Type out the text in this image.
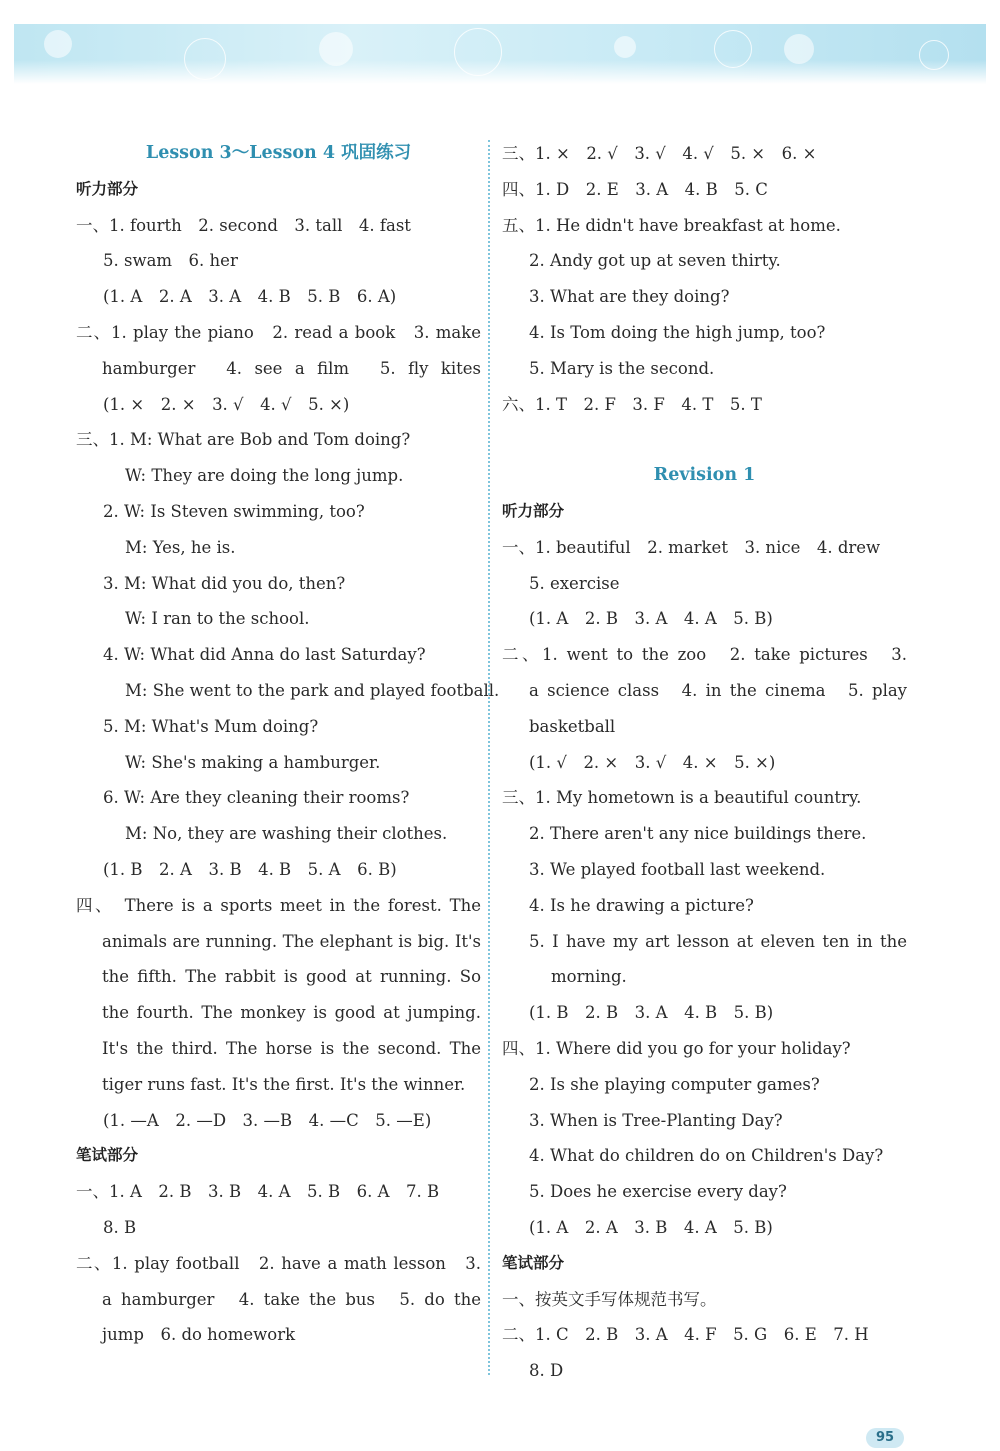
Lesson 3～Lesson 4 巩固练习
听力部分
一、1. fourth　2. second　3. tall　4. fast
5. swam　6. her
(1. A　2. A　3. A　4. B　5. B　6. A)
二、1. play the piano　2. read a book　3. make
hamburger　4. see a film　5. fly kites
(1. ×　2. ×　3. √　4. √　5. ×)
三、1. M: What are Bob and Tom doing?
W: They are doing the long jump.
2. W: Is Steven swimming, too?
M: Yes, he is.
3. M: What did you do, then?
W: I ran to the school.
4. W: What did Anna do last Saturday?
M: She went to the park and played football.
5. M: What's Mum doing?
W: She's making a hamburger.
6. W: Are they cleaning their rooms?
M: No, they are washing their clothes.
(1. B　2. A　3. B　4. B　5. A　6. B)
四、　There is a sports meet in the forest. The
animals are running. The elephant is big. It's
the fifth. The rabbit is good at running. So
the fourth. The monkey is good at jumping.
It's the third. The horse is the second. The
tiger runs fast. It's the first. It's the winner.
(1. —A　2. —D　3. —B　4. —C　5. —E)
笔试部分
一、1. A　2. B　3. B　4. A　5. B　6. A　7. B
8. B
二、1. play football　2. have a math lesson　3.
a hamburger　4. take the bus　5. do the
jump　6. do homework
三、1. ×　2. √　3. √　4. √　5. ×　6. ×
四、1. D　2. E　3. A　4. B　5. C
五、1. He didn't have breakfast at home.
2. Andy got up at seven thirty.
3. What are they doing?
4. Is Tom doing the high jump, too?
5. Mary is the second.
六、1. T　2. F　3. F　4. T　5. T
Revision 1
听力部分
一、1. beautiful　2. market　3. nice　4. drew
5. exercise
(1. A　2. B　3. A　4. A　5. B)
二、1. went to the zoo　2. take pictures　3.
a science class　4. in the cinema　5. play
basketball
(1. √　2. ×　3. √　4. ×　5. ×)
三、1. My hometown is a beautiful country.
2. There aren't any nice buildings there.
3. We played football last weekend.
4. Is he drawing a picture?
5. I have my art lesson at eleven ten in the
morning.
(1. B　2. B　3. A　4. B　5. B)
四、1. Where did you go for your holiday?
2. Is she playing computer games?
3. When is Tree-Planting Day?
4. What do children do on Children's Day?
5. Does he exercise every day?
(1. A　2. A　3. B　4. A　5. B)
笔试部分
一、按英文手写体规范书写。
二、1. C　2. B　3. A　4. F　5. G　6. E　7. H
8. D
95
